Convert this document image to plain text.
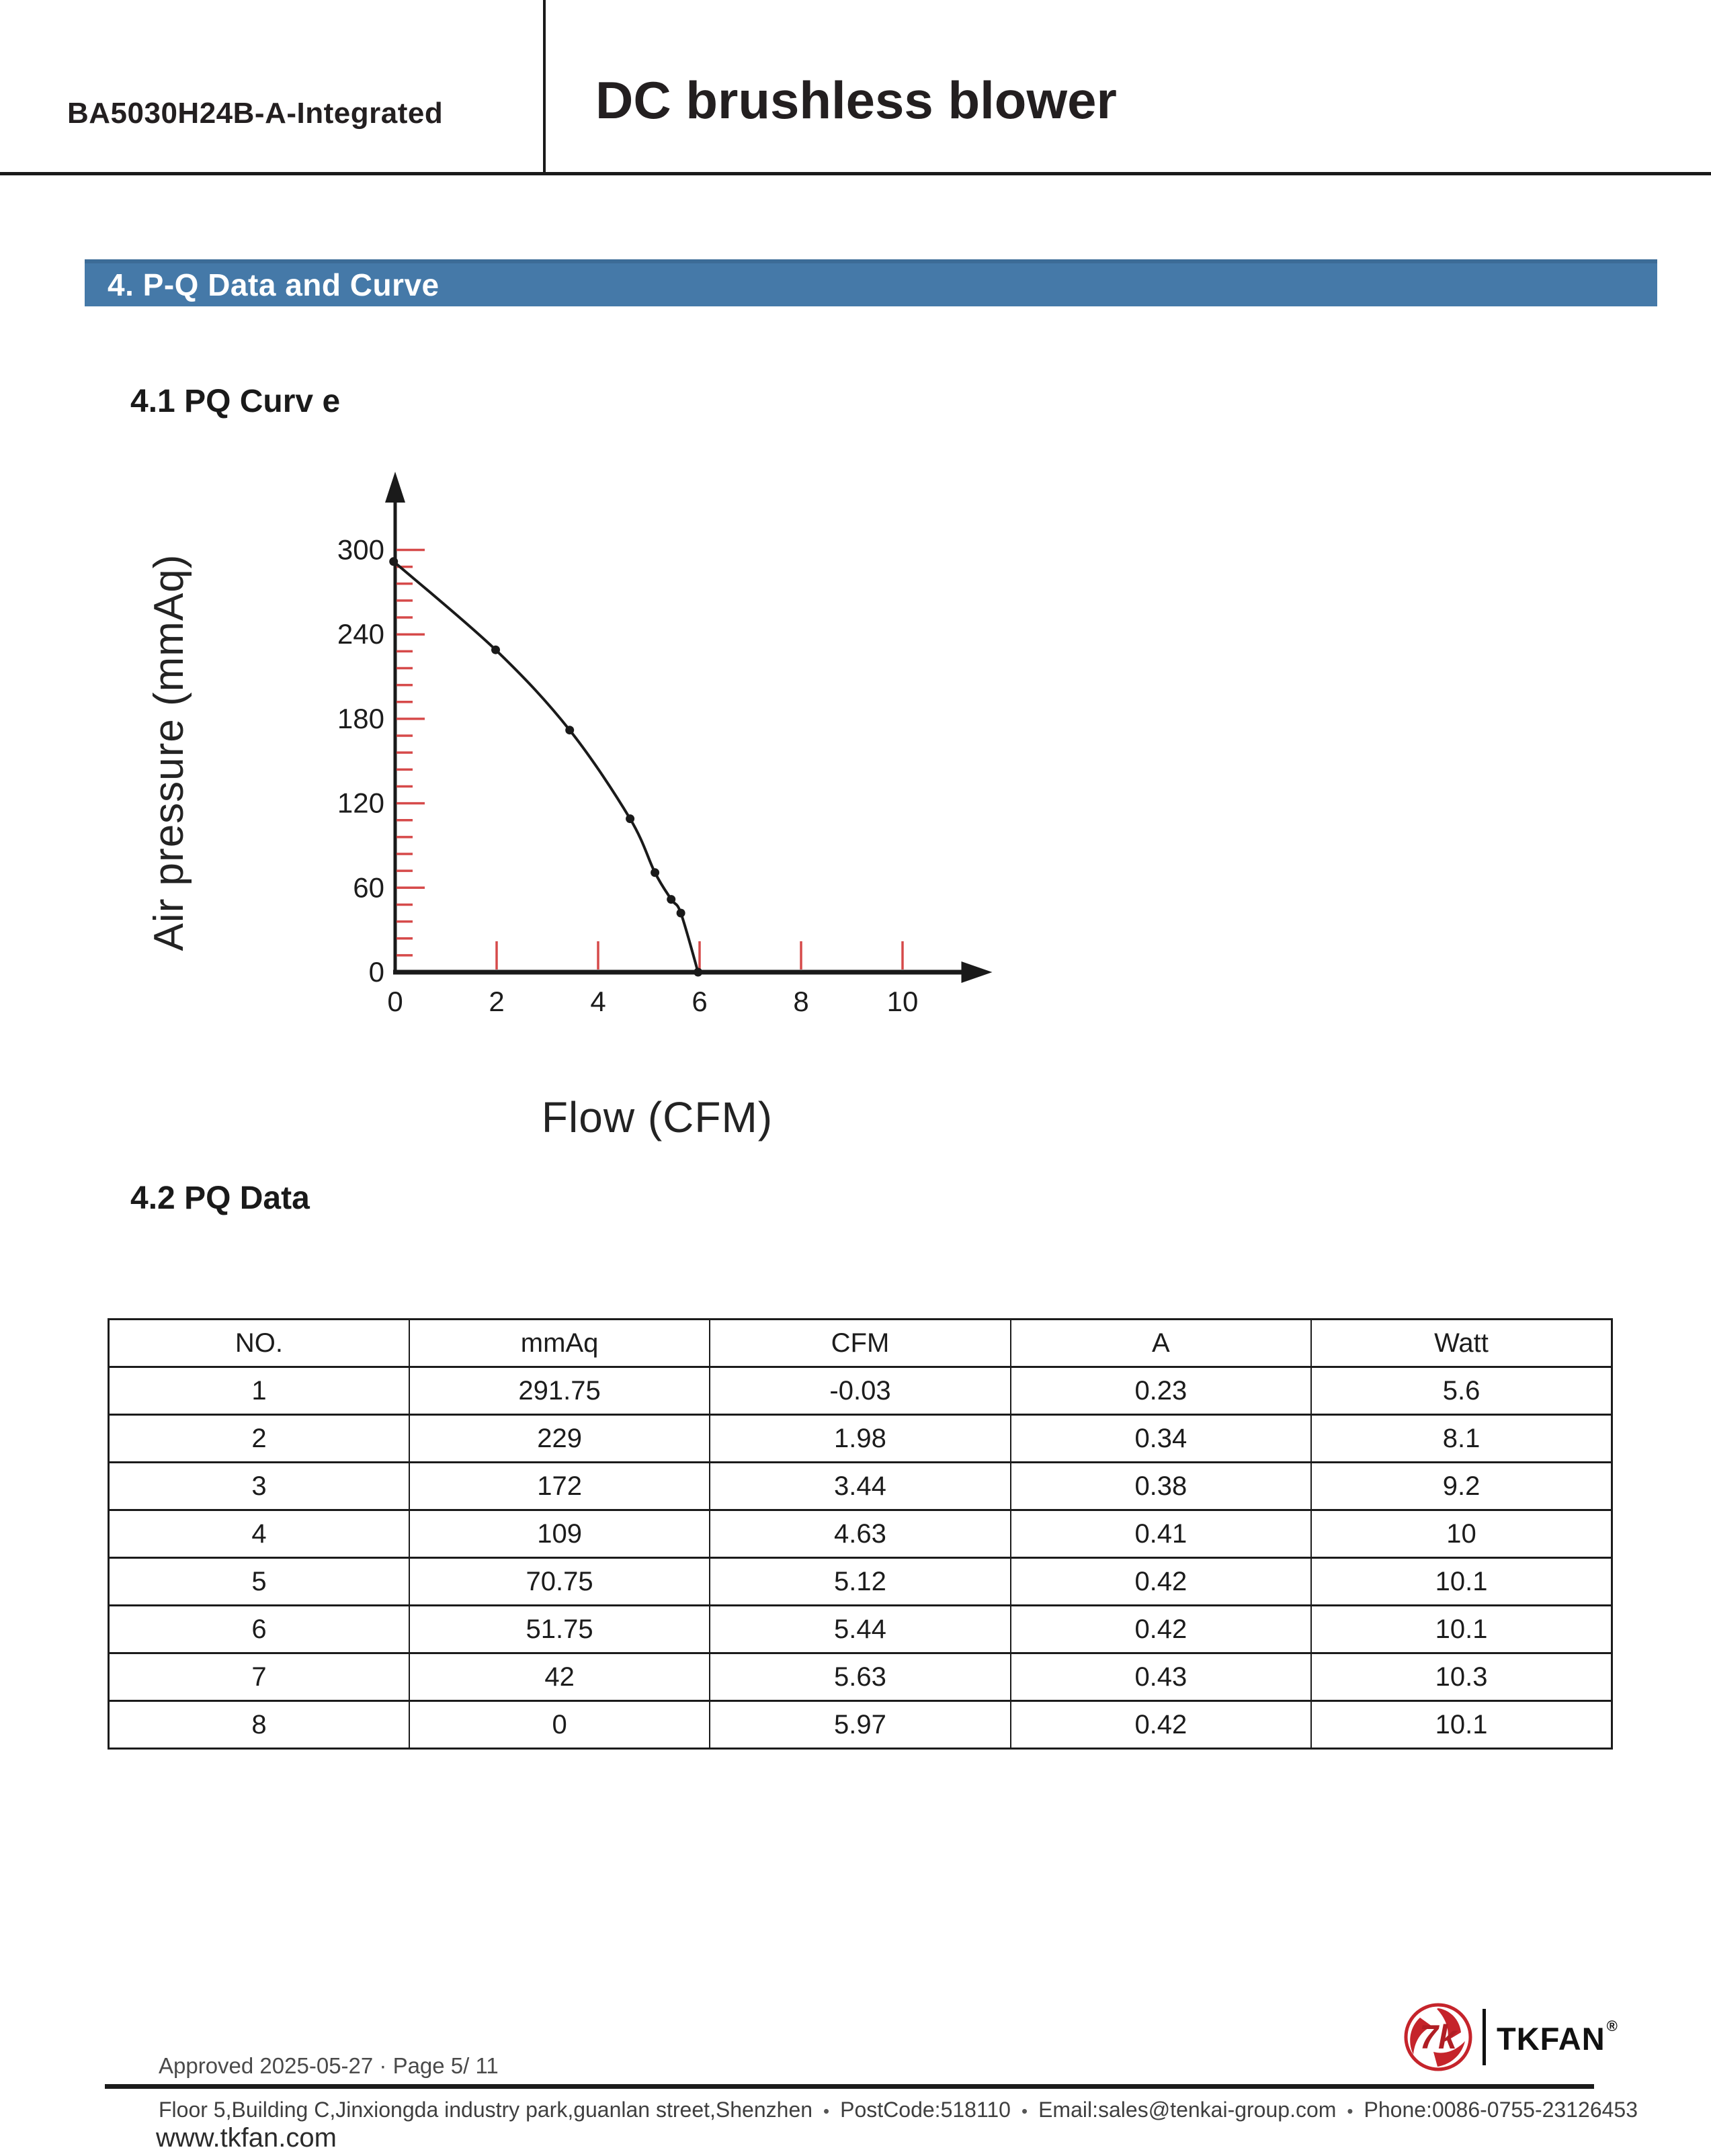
BA5030H24B-A-Integrated	DC brushless blower
4. P-Q Data and Curve
4.1 PQ Curv e
0
60
120
180
240
300
0	2	4	6	8	10
Air pressure (mmAq)
Flow (CFM)
4.2 PQ Data
NO.	mmAq	CFM	A	Watt
1	291.75	-0.03	0.23	5.6
2	229	1.98	0.34	8.1
3	172	3.44	0.38	9.2
4	109	4.63	0.41	10
5	70.75	5.12	0.42	10.1
6	51.75	5.44	0.42	10.1
7	42	5.63	0.43	10.3
8	0	5.97	0.42	10.1
Approved 2025-05-27 · Page 5/ 11
7k TKFAN®
Floor 5,Building C,Jinxiongda industry park,guanlan street,Shenzhen • PostCode:518110 • Email:sales@tenkai-group.com • Phone:0086-0755-23126453
www.tkfan.com
